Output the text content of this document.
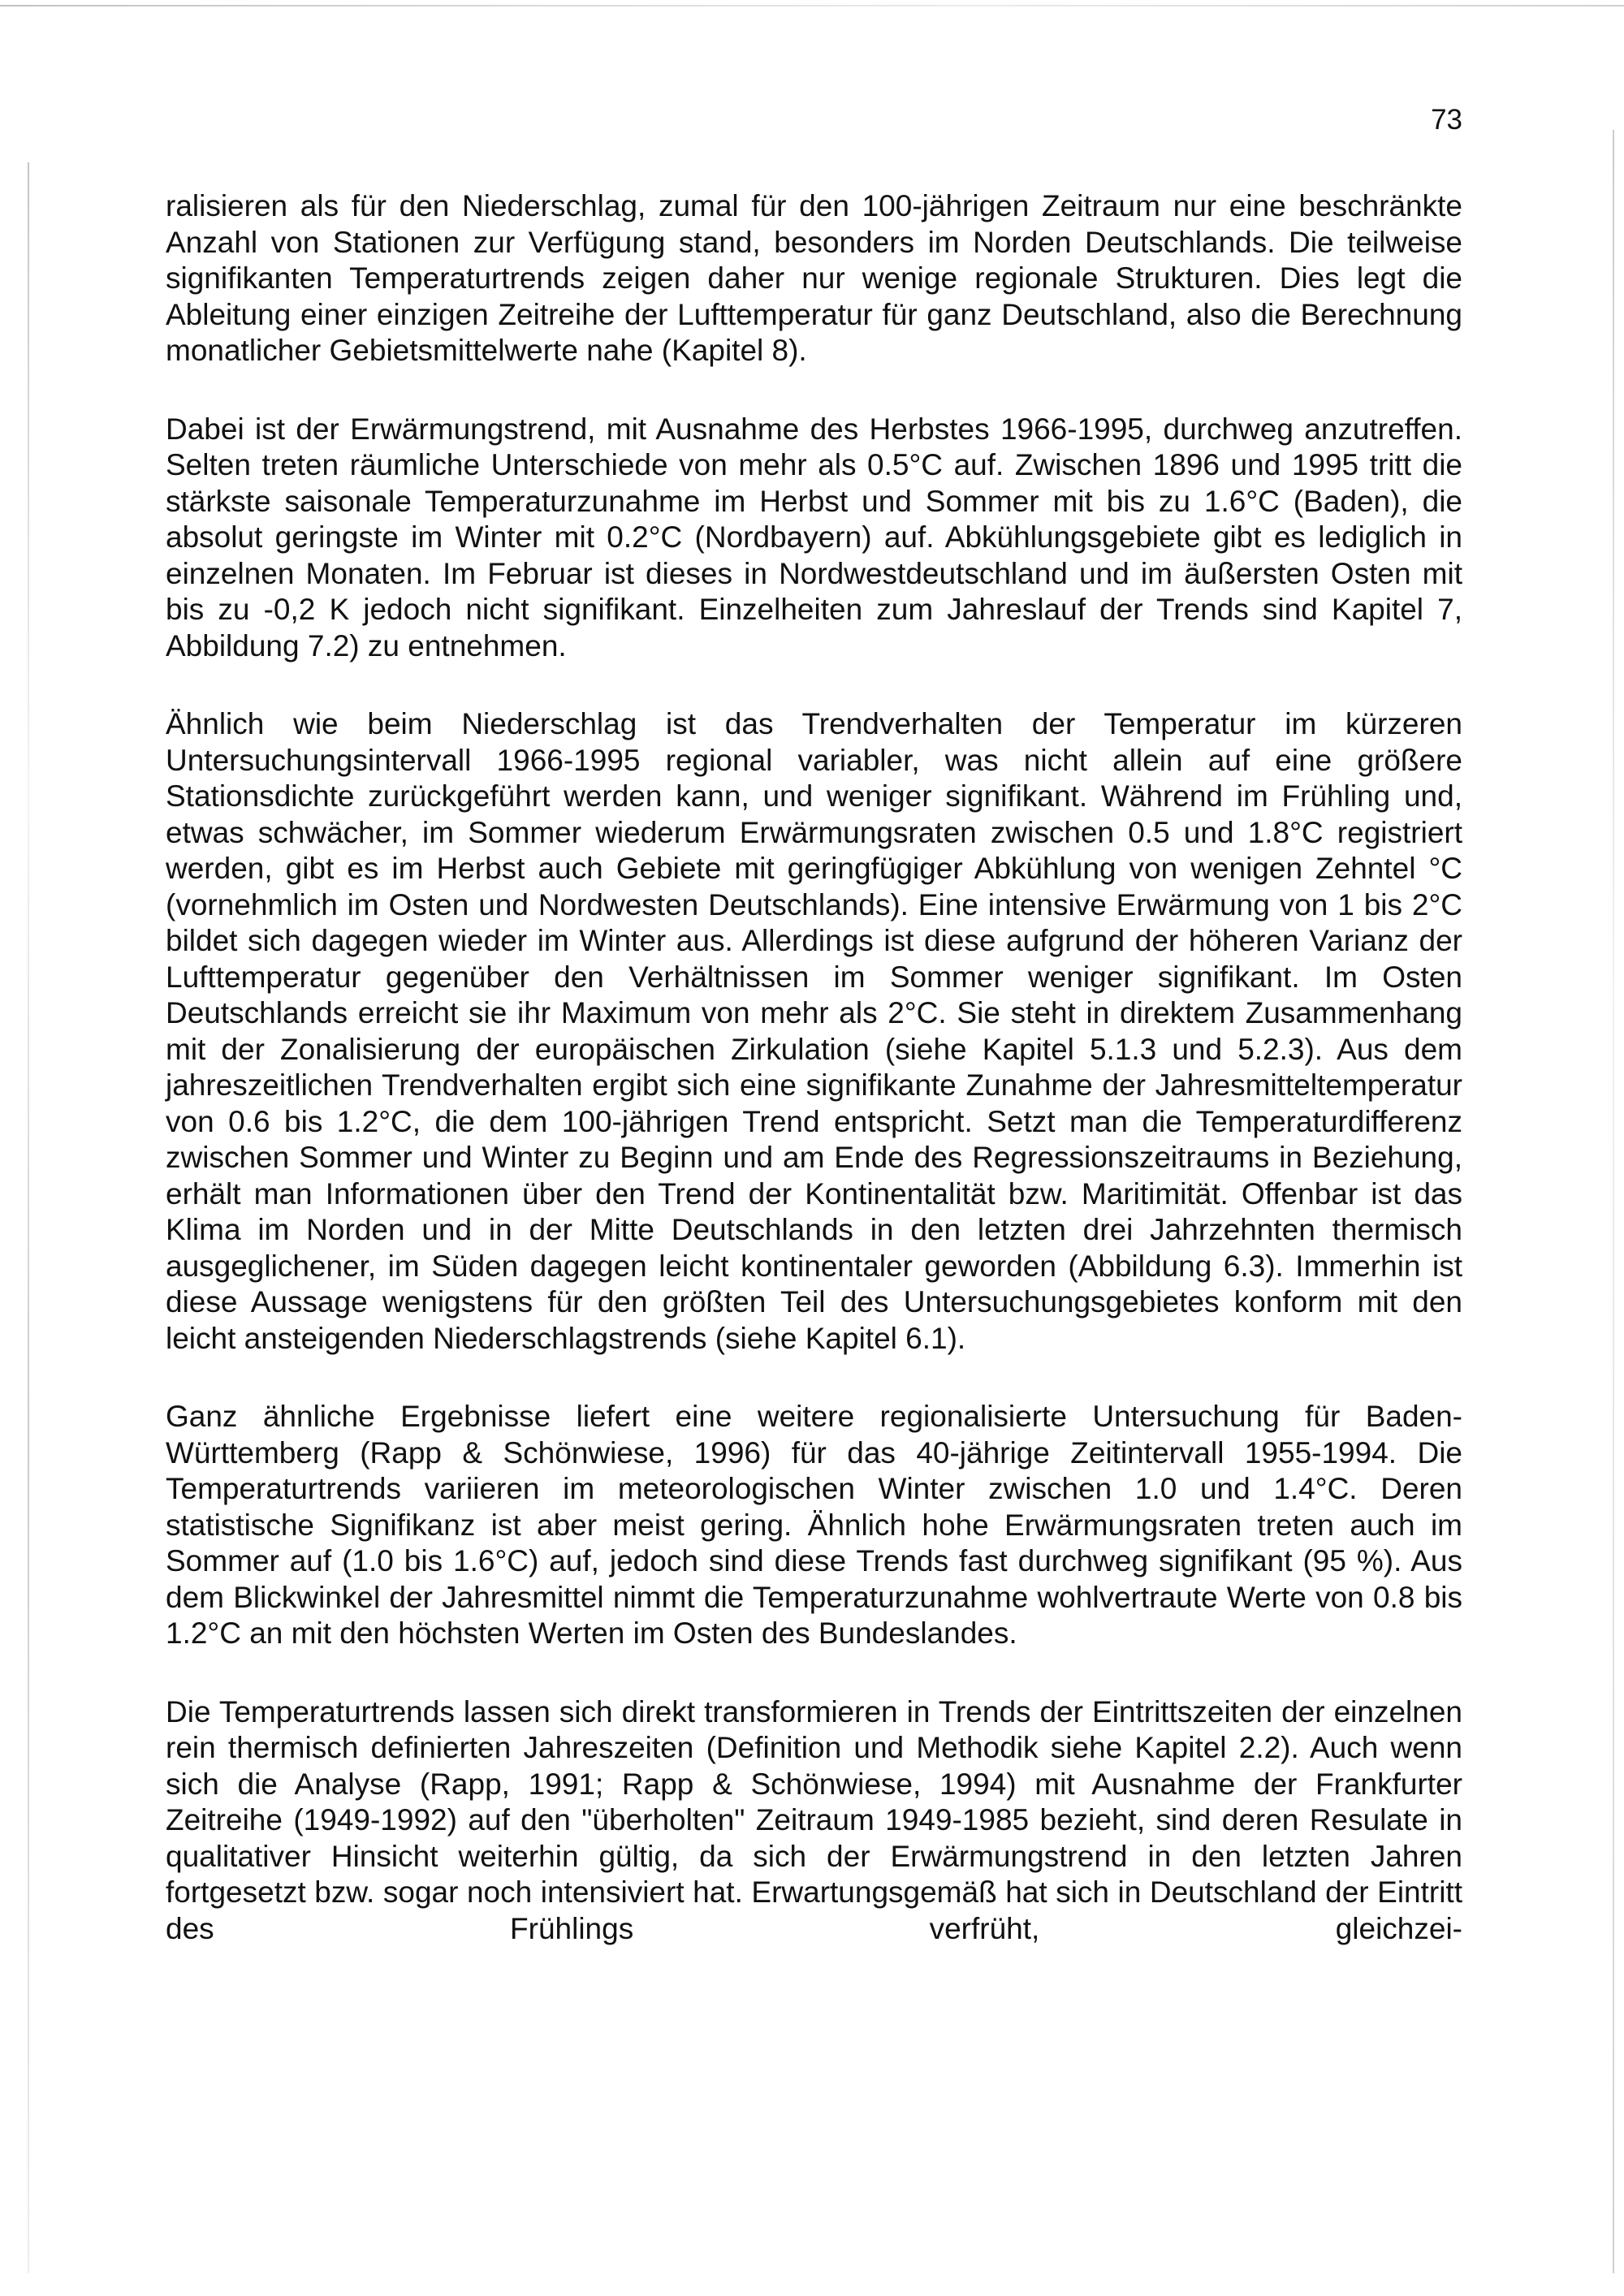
73

ralisieren als für den Niederschlag, zumal für den 100-jährigen Zeitraum nur eine beschränkte Anzahl von Stationen zur Verfügung stand, besonders im Norden Deutschlands. Die teilweise signifikanten Temperaturtrends zeigen daher nur wenige regionale Strukturen. Dies legt die Ableitung einer einzigen Zeitreihe der Lufttemperatur für ganz Deutschland, also die Berechnung monatlicher Gebietsmittelwerte nahe (Kapitel 8).

Dabei ist der Erwärmungstrend, mit Ausnahme des Herbstes 1966-1995, durchweg anzutreffen. Selten treten räumliche Unterschiede von mehr als 0.5°C auf. Zwischen 1896 und 1995 tritt die stärkste saisonale Temperaturzunahme im Herbst und Sommer mit bis zu 1.6°C (Baden), die absolut geringste im Winter mit 0.2°C (Nordbayern) auf. Abkühlungsgebiete gibt es lediglich in einzelnen Monaten. Im Februar ist dieses in Nordwestdeutschland und im äußersten Osten mit bis zu -0,2 K jedoch nicht signifikant. Einzelheiten zum Jahreslauf der Trends sind Kapitel 7, Abbildung 7.2) zu entnehmen.

Ähnlich wie beim Niederschlag ist das Trendverhalten der Temperatur im kürzeren Untersuchungsintervall 1966-1995 regional variabler, was nicht allein auf eine größere Stationsdichte zurückgeführt werden kann, und weniger signifikant. Während im Frühling und, etwas schwächer, im Sommer wiederum Erwärmungsraten zwischen 0.5 und 1.8°C registriert werden, gibt es im Herbst auch Gebiete mit geringfügiger Abkühlung von wenigen Zehntel °C (vornehmlich im Osten und Nordwesten Deutschlands). Eine intensive Erwärmung von 1 bis 2°C bildet sich dagegen wieder im Winter aus. Allerdings ist diese aufgrund der höheren Varianz der Lufttemperatur gegenüber den Verhältnissen im Sommer weniger signifikant. Im Osten Deutschlands erreicht sie ihr Maximum von mehr als 2°C. Sie steht in direktem Zusammenhang mit der Zonalisierung der europäischen Zirkulation (siehe Kapitel 5.1.3 und 5.2.3). Aus dem jahreszeitlichen Trendverhalten ergibt sich eine signifikante Zunahme der Jahresmitteltemperatur von 0.6 bis 1.2°C, die dem 100-jährigen Trend entspricht. Setzt man die Temperaturdifferenz zwischen Sommer und Winter zu Beginn und am Ende des Regressionszeitraums in Beziehung, erhält man Informationen über den Trend der Kontinentalität bzw. Maritimität. Offenbar ist das Klima im Norden und in der Mitte Deutschlands in den letzten drei Jahrzehnten thermisch ausgeglichener, im Süden dagegen leicht kontinentaler geworden (Abbildung 6.3). Immerhin ist diese Aussage wenigstens für den größten Teil des Untersuchungsgebietes konform mit den leicht ansteigenden Niederschlagstrends (siehe Kapitel 6.1).

Ganz ähnliche Ergebnisse liefert eine weitere regionalisierte Untersuchung für Baden-Württemberg (Rapp & Schönwiese, 1996) für das 40-jährige Zeitintervall 1955-1994. Die Temperaturtrends variieren im meteorologischen Winter zwischen 1.0 und 1.4°C. Deren statistische Signifikanz ist aber meist gering. Ähnlich hohe Erwärmungsraten treten auch im Sommer auf (1.0 bis 1.6°C) auf, jedoch sind diese Trends fast durchweg signifikant (95 %). Aus dem Blickwinkel der Jahresmittel nimmt die Temperaturzunahme wohlvertraute Werte von 0.8 bis 1.2°C an mit den höchsten Werten im Osten des Bundeslandes.

Die Temperaturtrends lassen sich direkt transformieren in Trends der Eintrittszeiten der einzelnen rein thermisch definierten Jahreszeiten (Definition und Methodik siehe Kapitel 2.2). Auch wenn sich die Analyse (Rapp, 1991; Rapp & Schönwiese, 1994) mit Ausnahme der Frankfurter Zeitreihe (1949-1992) auf den "überholten" Zeitraum 1949-1985 bezieht, sind deren Resulate in qualitativer Hinsicht weiterhin gültig, da sich der Erwärmungstrend in den letzten Jahren fortgesetzt bzw. sogar noch intensiviert hat. Erwartungsgemäß hat sich in Deutschland der Eintritt des Frühlings verfrüht, gleichzei-
